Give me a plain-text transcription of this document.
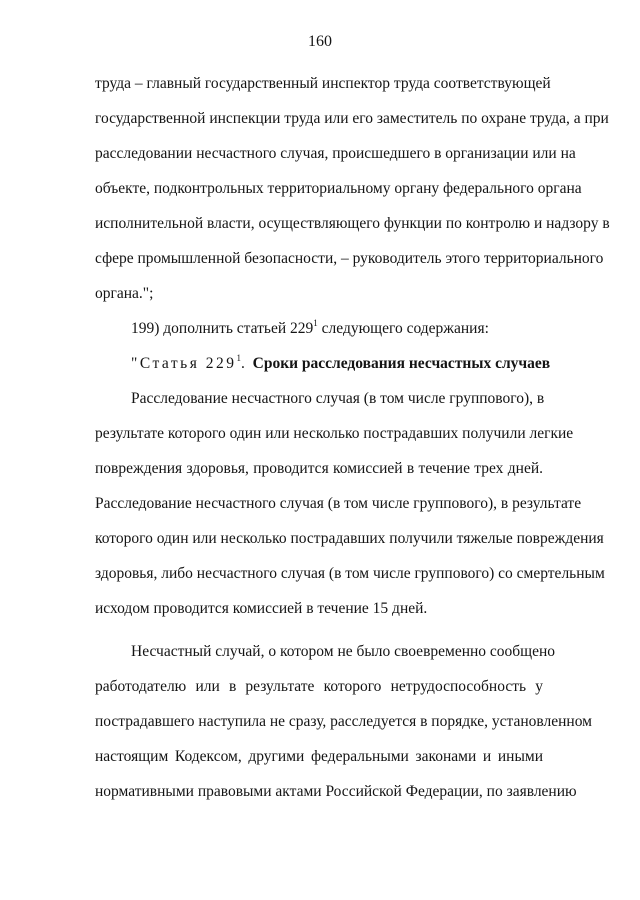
160
труда – главный государственный инспектор труда соответствующей
государственной инспекции труда или его заместитель по охране труда, а при
расследовании несчастного случая, происшедшего в организации или на
объекте, подконтрольных территориальному органу федерального органа
исполнительной власти, осуществляющего функции по контролю и надзору в
сфере промышленной безопасности, – руководитель этого территориального
органа.";
199) дополнить статьей $229^1$ следующего содержания:
"Статья $229^1$. Сроки расследования несчастных случаев
Расследование несчастного случая (в том числе группового), в
результате которого один или несколько пострадавших получили легкие
повреждения здоровья, проводится комиссией в течение трех дней.
Расследование несчастного случая (в том числе группового), в результате
которого один или несколько пострадавших получили тяжелые повреждения
здоровья, либо несчастного случая (в том числе группового) со смертельным
исходом проводится комиссией в течение 15 дней.
Несчастный случай, о котором не было своевременно сообщено
работодателю или в результате которого нетрудоспособность у
пострадавшего наступила не сразу, расследуется в порядке, установленном
настоящим Кодексом, другими федеральными законами и иными
нормативными правовыми актами Российской Федерации, по заявлению
